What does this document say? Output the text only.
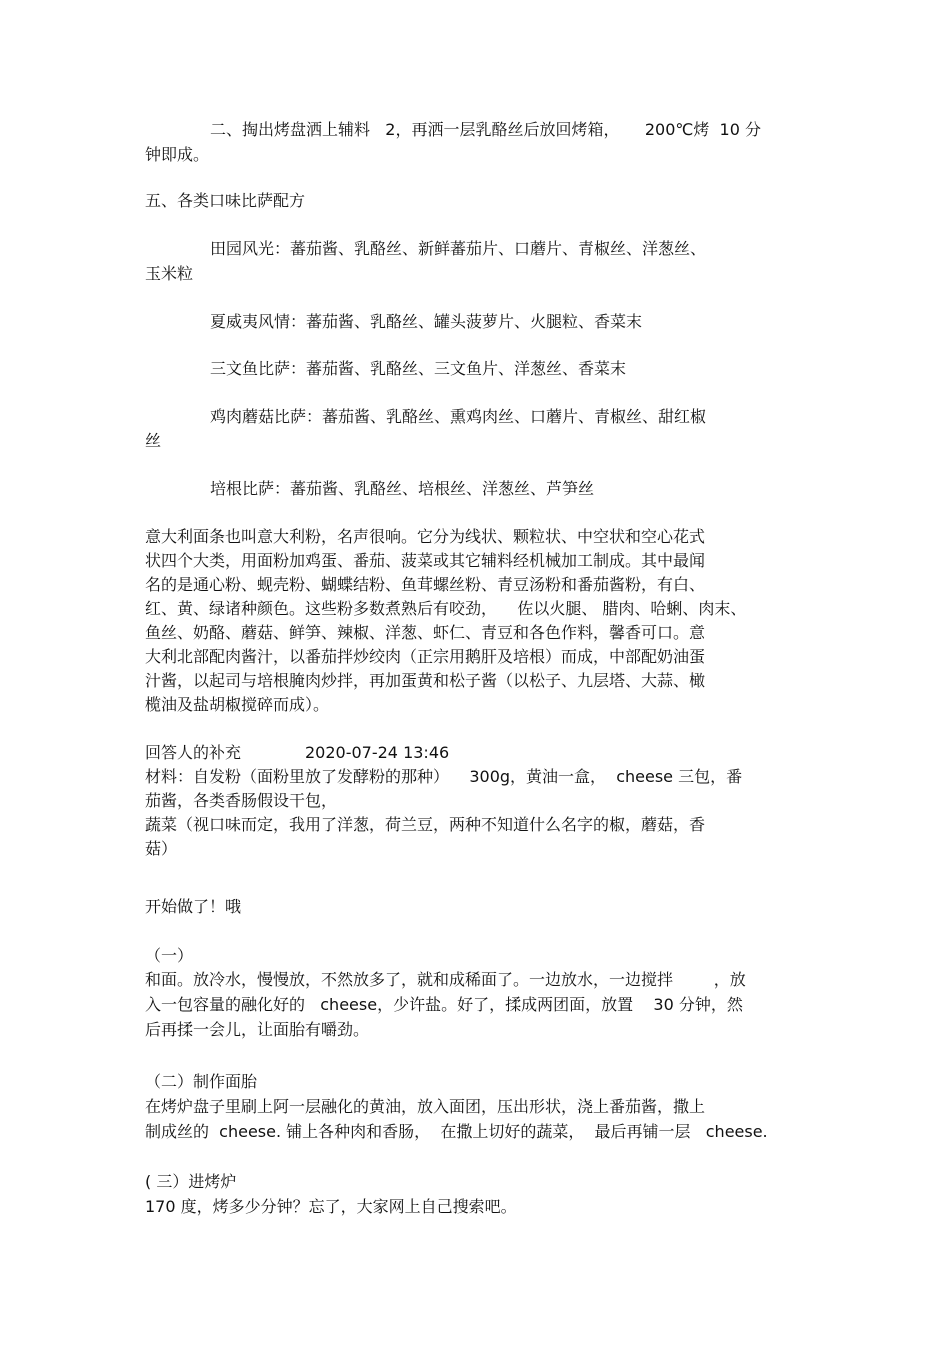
二、掏出烤盘洒上辅料   2，再洒一层乳酪丝后放回烤箱，     200℃烤  10 分
钟即成。
五、各类口味比萨配方
田园风光：蕃茄酱、乳酪丝、新鲜蕃茄片、口蘑片、青椒丝、洋葱丝、
玉米粒
夏威夷风情：蕃茄酱、乳酪丝、罐头菠萝片、火腿粒、香菜末
三文鱼比萨：蕃茄酱、乳酪丝、三文鱼片、洋葱丝、香菜末
鸡肉蘑菇比萨：蕃茄酱、乳酪丝、熏鸡肉丝、口蘑片、青椒丝、甜红椒
丝
培根比萨：蕃茄酱、乳酪丝、培根丝、洋葱丝、芦笋丝
意大利面条也叫意大利粉，名声很响。它分为线状、颗粒状、中空状和空心花式
状四个大类，用面粉加鸡蛋、番茄、菠菜或其它辅料经机械加工制成。其中最闻
名的是通心粉、蚬壳粉、蝴蝶结粉、鱼茸螺丝粉、青豆汤粉和番茄酱粉，有白、
红、黄、绿诸种颜色。这些粉多数煮熟后有咬劲，    佐以火腿、 腊肉、哈蜊、肉末、
鱼丝、奶酪、蘑菇、鲜笋、辣椒、洋葱、虾仁、青豆和各色作料，馨香可口。意
大利北部配肉酱汁，以番茄拌炒绞肉（正宗用鹅肝及培根）而成，中部配奶油蛋
汁酱，以起司与培根腌肉炒拌，再加蛋黄和松子酱（以松子、九层塔、大蒜、橄
榄油及盐胡椒搅碎而成）。
回答人的补充	2020-07-24 13:46
材料：自发粉（面粉里放了发酵粉的那种）    300g，黄油一盒，  cheese 三包，番
茄酱，各类香肠假设干包，
蔬菜（视口味而定，我用了洋葱，荷兰豆，两种不知道什么名字的椒，蘑菇，香
菇）
开始做了！哦
（一）
和面。放冷水，慢慢放，不然放多了，就和成稀面了。一边放水，一边搅拌        ，放
入一包容量的融化好的   cheese，少许盐。好了，揉成两团面，放置    30 分钟，然
后再揉一会儿，让面胎有嚼劲。
（二）制作面胎
在烤炉盘子里刷上阿一层融化的黄油，放入面团，压出形状，浇上番茄酱，撒上
制成丝的  cheese. 铺上各种肉和香肠，  在撒上切好的蔬菜，  最后再铺一层   cheese.
( 三）进烤炉
170 度，烤多少分钟？忘了，大家网上自己搜索吧。
